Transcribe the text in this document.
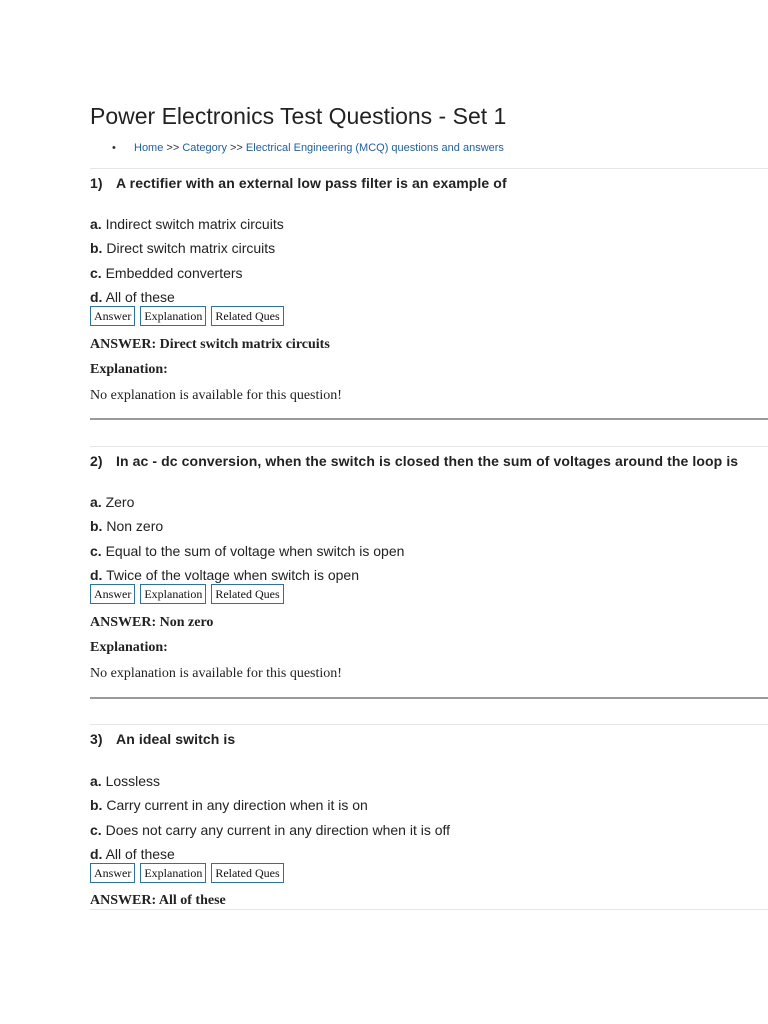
Power Electronics Test Questions - Set 1
• Home >> Category >> Electrical Engineering (MCQ) questions and answers
1) A rectifier with an external low pass filter is an example of
a. Indirect switch matrix circuits
b. Direct switch matrix circuits
c. Embedded converters
d. All of these
Answer	Explanation	Related Ques
ANSWER: Direct switch matrix circuits
Explanation:
No explanation is available for this question!
2) In ac - dc conversion, when the switch is closed then the sum of voltages around the loop is
a. Zero
b. Non zero
c. Equal to the sum of voltage when switch is open
d. Twice of the voltage when switch is open
Answer	Explanation	Related Ques
ANSWER: Non zero
Explanation:
No explanation is available for this question!
3) An ideal switch is
a. Lossless
b. Carry current in any direction when it is on
c. Does not carry any current in any direction when it is off
d. All of these
Answer	Explanation	Related Ques
ANSWER: All of these
